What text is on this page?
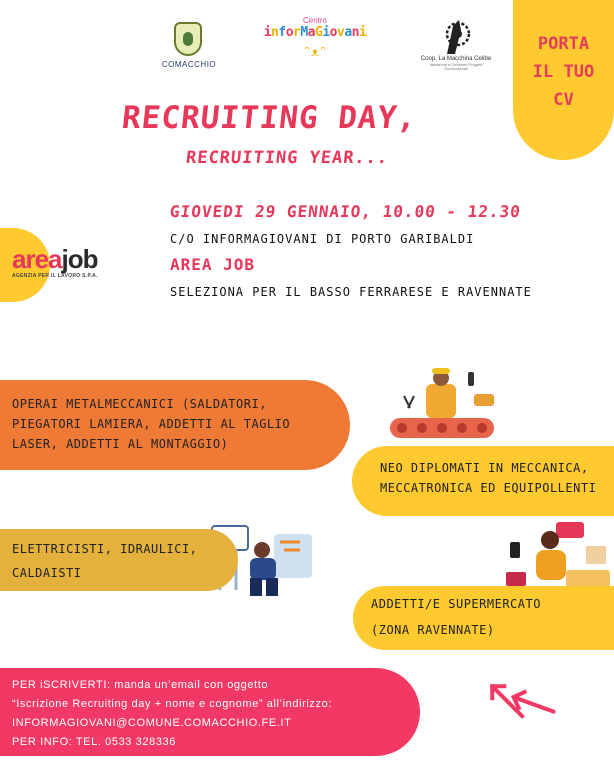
COMACCHIO
Centro
inforMaGiovani
ᵔᴥᵔ	Coop. La Macchina Celibe
Ideazione e Gestione Progetti Socioculturali
PORTA
IL TUO
CV
RECRUITING DAY,
RECRUITING YEAR...
areajob
AGENZIA PER IL LAVORO S.P.A.
GIOVEDI 29 GENNAIO, 10.00 - 12.30
C/O INFORMAGIOVANI DI PORTO GARIBALDI
AREA JOB
SELEZIONA PER IL BASSO FERRARESE E RAVENNATE
OPERAI METALMECCANICI (SALDATORI,
PIEGATORI LAMIERA, ADDETTI AL TAGLIO
LASER, ADDETTI AL MONTAGGIO)
NEO DIPLOMATI IN MECCANICA,
MECCATRONICA ED EQUIPOLLENTI
ELETTRICISTI, IDRAULICI,
CALDAISTI
ADDETTI/E SUPERMERCATO
(ZONA RAVENNATE)
PER iSCRIVERTI: manda un’email con oggetto
“Iscrizione Recruiting day + nome e cognome” all’indirizzo:
INFORMAGIOVANI@COMUNE.COMACCHIO.FE.IT
PER INFO: TEL. 0533 328336
